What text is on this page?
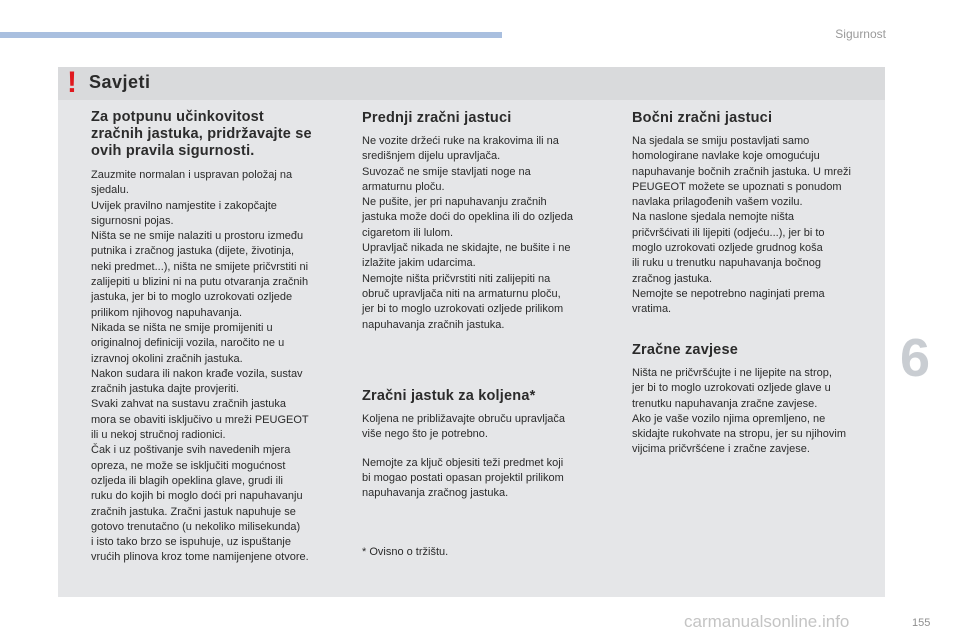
Sigurnost
! Savjeti

Za potpunu učinkovitost
zračnih jastuka, pridržavajte se
ovih pravila sigurnosti.

Zauzmite normalan i uspravan položaj na
sjedalu.
Uvijek pravilno namjestite i zakopčajte
sigurnosni pojas.
Ništa se ne smije nalaziti u prostoru između
putnika i zračnog jastuka (dijete, životinja,
neki predmet...), ništa ne smijete pričvrstiti ni
zalijepiti u blizini ni na putu otvaranja zračnih
jastuka, jer bi to moglo uzrokovati ozljede
prilikom njihovog napuhavanja.
Nikada se ništa ne smije promijeniti u
originalnoj definiciji vozila, naročito ne u
izravnoj okolini zračnih jastuka.
Nakon sudara ili nakon krađe vozila, sustav
zračnih jastuka dajte provjeriti.
Svaki zahvat na sustavu zračnih jastuka
mora se obaviti isključivo u mreži PEUGEOT
ili u nekoj stručnoj radionici.
Čak i uz poštivanje svih navedenih mjera
opreza, ne može se isključiti mogućnost
ozljeda ili blagih opeklina glave, grudi ili
ruku do kojih bi moglo doći pri napuhavanju
zračnih jastuka. Zračni jastuk napuhuje se
gotovo trenutačno (u nekoliko milisekunda)
i isto tako brzo se ispuhuje, uz ispuštanje
vrućih plinova kroz tome namijenjene otvore.

Prednji zračni jastuci

Ne vozite držeći ruke na krakovima ili na
središnjem dijelu upravljača.
Suvozač ne smije stavljati noge na
armaturnu ploču.
Ne pušite, jer pri napuhavanju zračnih
jastuka može doći do opeklina ili do ozljeda
cigaretom ili lulom.
Upravljač nikada ne skidajte, ne bušite i ne
izlažite jakim udarcima.
Nemojte ništa pričvrstiti niti zalijepiti na
obruč upravljača niti na armaturnu ploču,
jer bi to moglo uzrokovati ozljede prilikom
napuhavanja zračnih jastuka.

Zračni jastuk za koljena*

Koljena ne približavajte obruču upravljača
više nego što je potrebno.

Nemojte za ključ objesiti teži predmet koji
bi mogao postati opasan projektil prilikom
napuhavanja zračnog jastuka.

* Ovisno o tržištu.

Bočni zračni jastuci

Na sjedala se smiju postavljati samo
homologirane navlake koje omogućuju
napuhavanje bočnih zračnih jastuka. U mreži
PEUGEOT možete se upoznati s ponudom
navlaka prilagođenih vašem vozilu.
Na naslone sjedala nemojte ništa
pričvršćivati ili lijepiti (odjeću...), jer bi to
moglo uzrokovati ozljede grudnog koša
ili ruku u trenutku napuhavanja bočnog
zračnog jastuka.
Nemojte se nepotrebno naginjati prema
vratima.

Zračne zavjese

Ništa ne pričvršćujte i ne lijepite na strop,
jer bi to moglo uzrokovati ozljede glave u
trenutku napuhavanja zračne zavjese.
Ako je vaše vozilo njima opremljeno, ne
skidajte rukohvate na stropu, jer su njihovim
vijcima pričvršćene i zračne zavjese.

6
carmanualsonline.info	155
